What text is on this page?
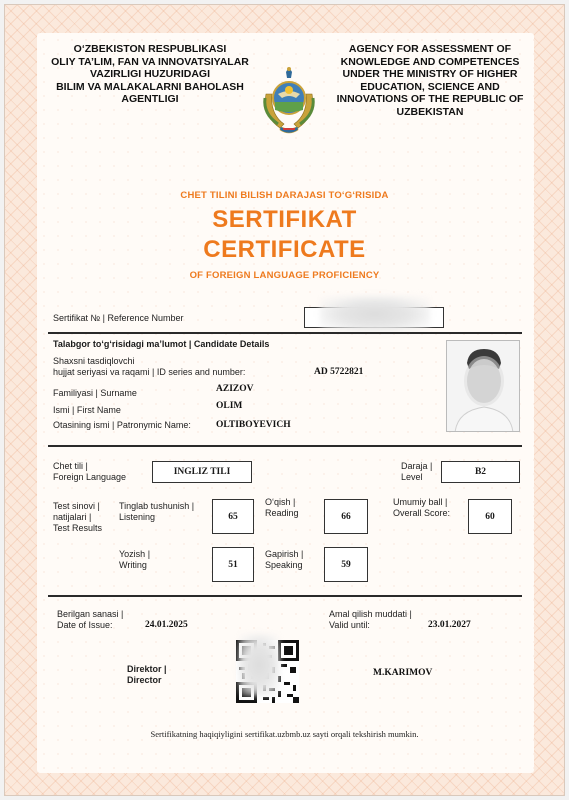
O‘ZBEKISTON RESPUBLIKASI
OLIY TA’LIM, FAN VA INNOVATSIYALAR
VAZIRLIGI HUZURIDAGI
BILIM VA MALAKALARNI BAHOLASH
AGENTLIGI
AGENCY FOR ASSESSMENT OF
KNOWLEDGE AND COMPETENCES
UNDER THE MINISTRY OF HIGHER
EDUCATION, SCIENCE AND
INNOVATIONS OF THE REPUBLIC OF
UZBEKISTAN
CHET TILINI BILISH DARAJASI TO‘G‘RISIDA
SERTIFIKAT
CERTIFICATE
OF FOREIGN LANGUAGE PROFICIENCY
Sertifikat № | Reference Number
Talabgor to‘g‘risidagi ma’lumot | Candidate Details
Shaxsni tasdiqlovchi
hujjat seriyasi va raqami | ID series and number:	AD 5722821
Familiyasi | Surname	AZIZOV
Ismi | First Name	OLIM
Otasining ismi | Patronymic Name:	OLTIBOYEVICH
Chet tili |
Foreign Language	INGLIZ TILI
Daraja |
Level	B2
Test sinovi |
natijalari |
Test Results
Tinglab tushunish |
Listening	65
O‘qish |
Reading	66
Umumiy ball |
Overall Score:	60
Yozish |
Writing	51
Gapirish |
Speaking	59
Berilgan sanasi |
Date of Issue:	24.01.2025
Amal qilish muddati |
Valid until:	23.01.2027
Direktor |
Director
M.KARIMOV
Sertifikatning haqiqiyligini sertifikat.uzbmb.uz sayti orqali tekshirish mumkin.
